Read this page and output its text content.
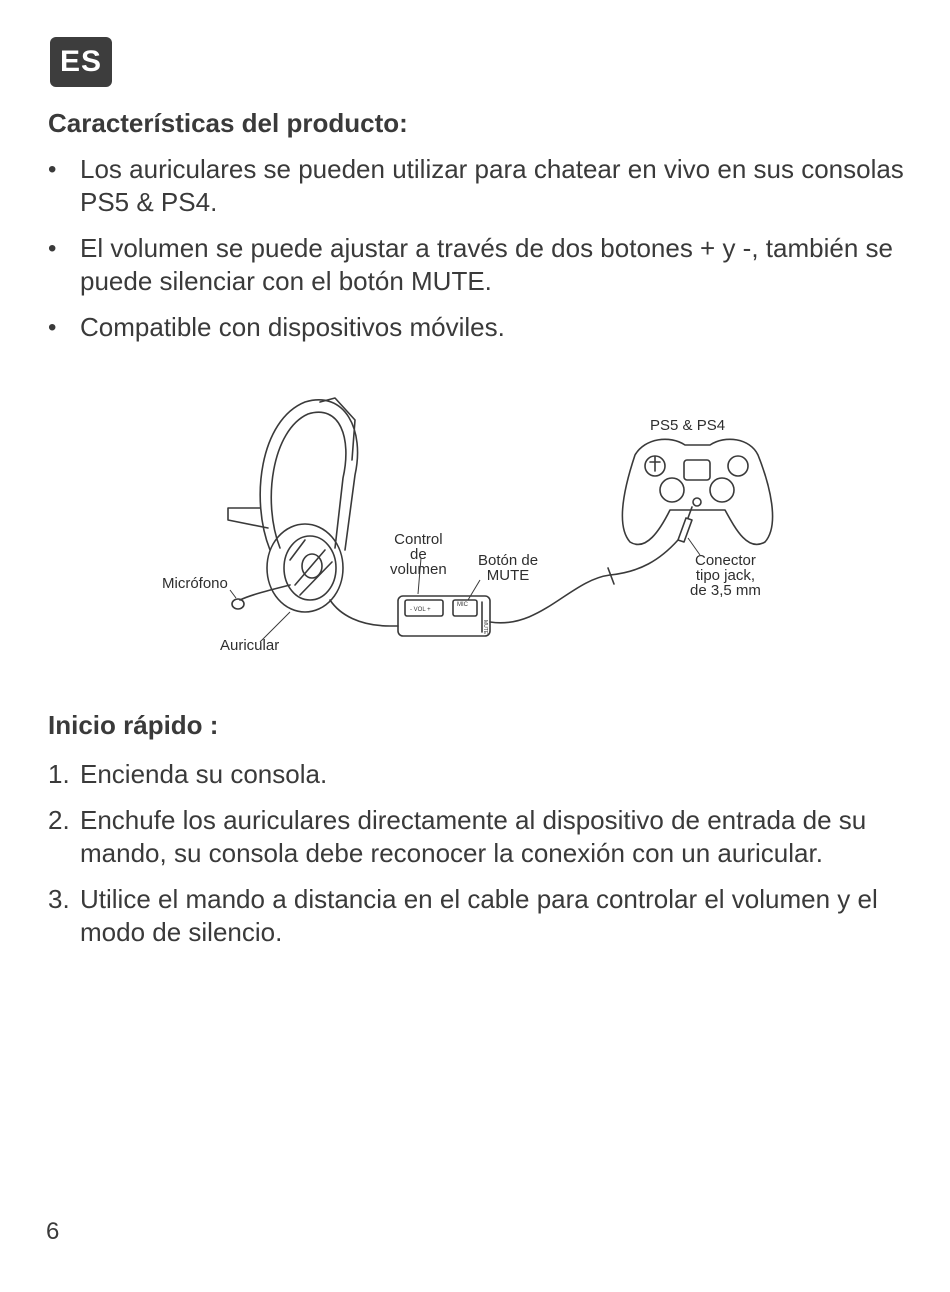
ES
Características del producto:
• Los auriculares se pueden utilizar para chatear en vivo en sus consolas PS5 & PS4.
• El volumen se puede ajustar a través de dos botones + y -, también se puede silenciar con el botón MUTE.
• Compatible con dispositivos móviles.
- VOL +
MIC
MUTE
PS5 & PS4
Control
de
volumen
Botón de
MUTE
Conector
tipo jack,
de 3,5 mm
Micrófono
Auricular
Inicio rápido :
1. Encienda su consola.
2. Enchufe los auriculares directamente al dispositivo de entrada de su mando, su consola debe reconocer la conexión con un auricular.
3. Utilice el mando a distancia en el cable para controlar el volumen y el modo de silencio.
6
